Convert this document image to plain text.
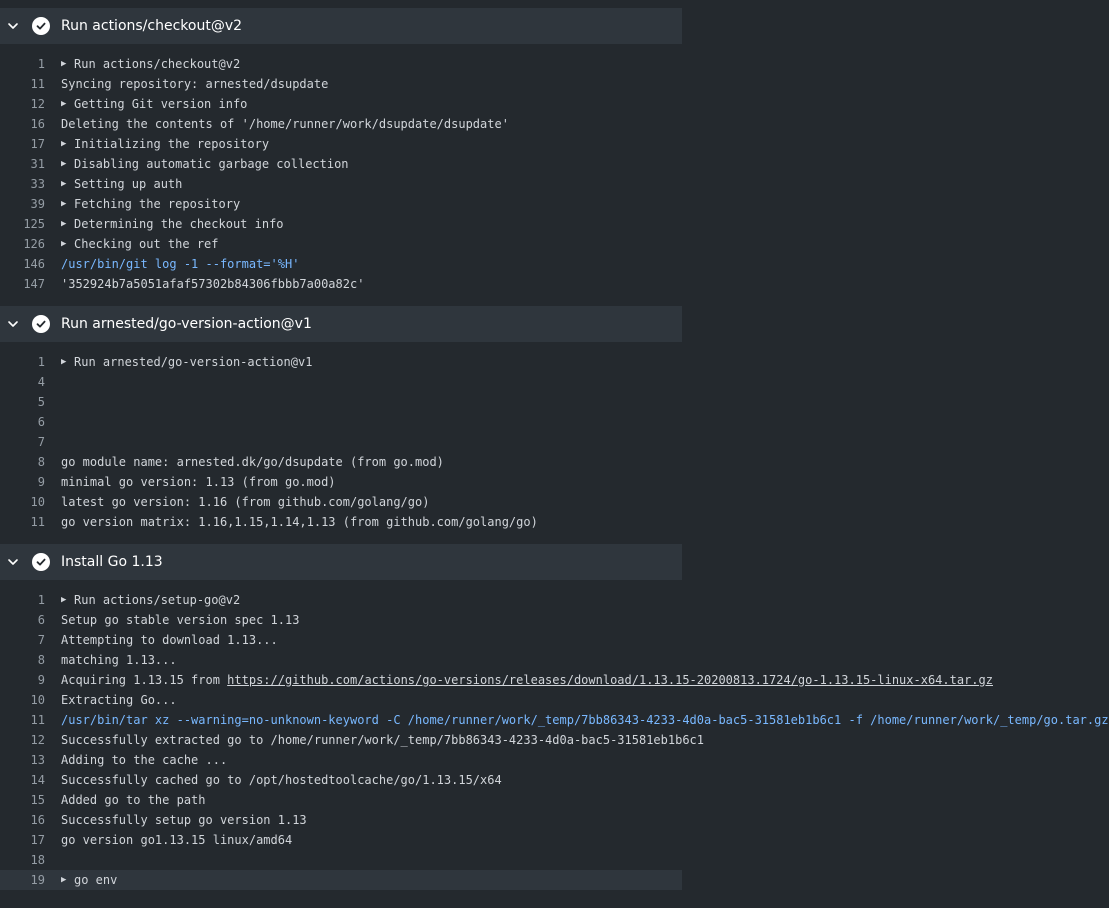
Run actions/checkout@v2
1 ▶ Run actions/checkout@v2
11 Syncing repository: arnested/dsupdate
12 ▶ Getting Git version info
16 Deleting the contents of '/home/runner/work/dsupdate/dsupdate'
17 ▶ Initializing the repository
31 ▶ Disabling automatic garbage collection
33 ▶ Setting up auth
39 ▶ Fetching the repository
125 ▶ Determining the checkout info
126 ▶ Checking out the ref
146 /usr/bin/git log -1 --format='%H'
147 '352924b7a5051afaf57302b84306fbbb7a00a82c'
Run arnested/go-version-action@v1
1 ▶ Run arnested/go-version-action@v1
4
5
6
7
8 go module name: arnested.dk/go/dsupdate (from go.mod)
9 minimal go version: 1.13 (from go.mod)
10 latest go version: 1.16 (from github.com/golang/go)
11 go version matrix: 1.16,1.15,1.14,1.13 (from github.com/golang/go)
Install Go 1.13
1 ▶ Run actions/setup-go@v2
6 Setup go stable version spec 1.13
7 Attempting to download 1.13...
8 matching 1.13...
9 Acquiring 1.13.15 from https://github.com/actions/go-versions/releases/download/1.13.15-20200813.1724/go-1.13.15-linux-x64.tar.gz
10 Extracting Go...
11 /usr/bin/tar xz --warning=no-unknown-keyword -C /home/runner/work/_temp/7bb86343-4233-4d0a-bac5-31581eb1b6c1 -f /home/runner/work/_temp/go.tar.gz
12 Successfully extracted go to /home/runner/work/_temp/7bb86343-4233-4d0a-bac5-31581eb1b6c1
13 Adding to the cache ...
14 Successfully cached go to /opt/hostedtoolcache/go/1.13.15/x64
15 Added go to the path
16 Successfully setup go version 1.13
17 go version go1.13.15 linux/amd64
18
19 ▶ go env
